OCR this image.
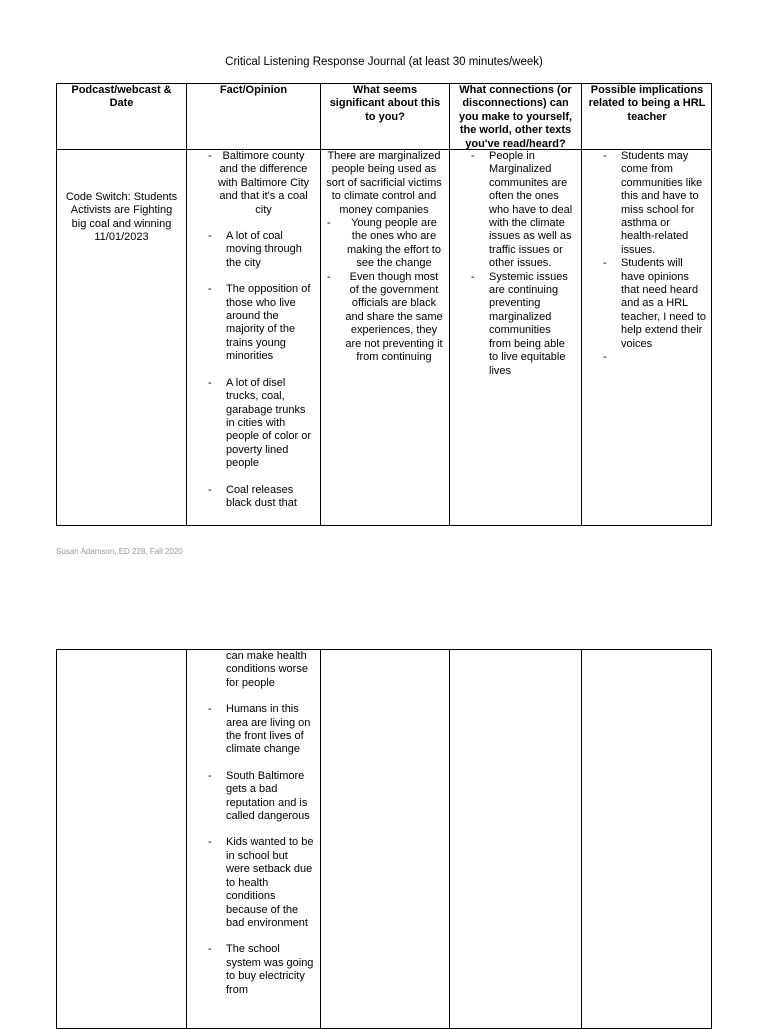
Critical Listening Response Journal (at least 30 minutes/week)
Podcast/webcast & Date
Fact/Opinion	What seems significant about this to you?
What connections (or disconnections) can you make to yourself, the world, other texts you've read/heard?
Possible implications related to being a HRL teacher
Code Switch: Students
Activists are Fighting
big coal and winning
11/01/2023
- Baltimore county and the difference with Baltimore City and that it's a coal city
- A lot of coal moving through the city
- The opposition of those who live around the majority of the trains young minorities
- A lot of disel trucks, coal, garabage trunks in cities with people of color or poverty lined people
- Coal releases black dust that
- There are marginalized people being used as sort of sacrificial victims to climate control and money companies
- Young people are the ones who are making the effort to see the change
- Even though most of the government officials are black and share the same experiences, they are not preventing it from continuing
- People in Marginalized communites are often the ones who have to deal with the climate issues as well as traffic issues or other issues.
- Systemic issues are continuing preventing marginalized communities from being able to live equitable lives
- Students may come from communities like this and have to miss school for asthma or health-related issues.
- Students will have opinions that need heard and as a HRL teacher, I need to help extend their voices
-
Susan Adamson, ED 228, Fall 2020
can make health conditions worse for people
- Humans in this area are living on the front lives of climate change
- South Baltimore gets a bad reputation and is called dangerous
- Kids wanted to be in school but were setback due to health conditions because of the bad environment
- The school system was going to buy electricity from
